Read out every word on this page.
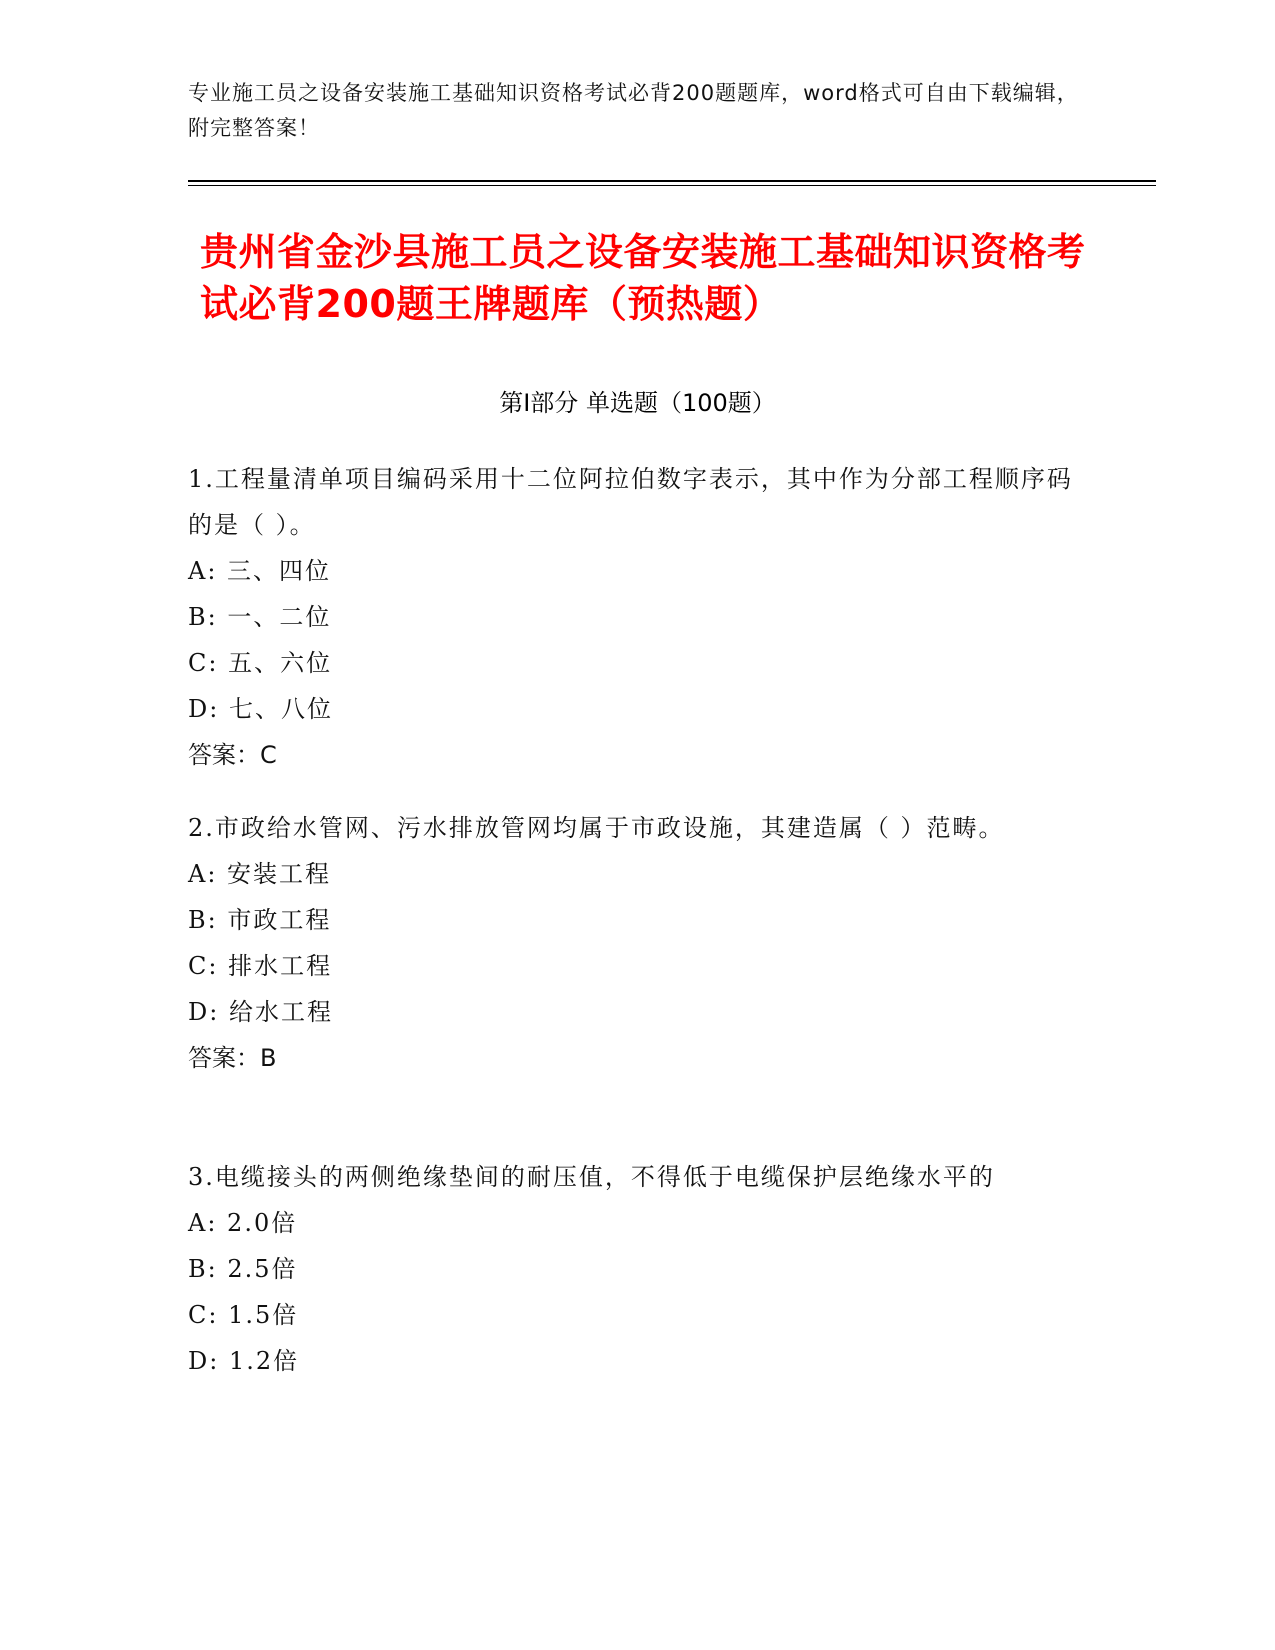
专业施工员之设备安装施工基础知识资格考试必背200题题库，word格式可自由下载编辑，附完整答案！
贵州省金沙县施工员之设备安装施工基础知识资格考试必背200题王牌题库（预热题）
第Ⅰ部分 单选题（100题）
1.工程量清单项目编码采用十二位阿拉伯数字表示，其中作为分部工程顺序码的是（ ）。
A: 三、四位
B: 一、二位
C: 五、六位
D: 七、八位
答案：C
2.市政给水管网、污水排放管网均属于市政设施，其建造属（ ）范畴。
A: 安装工程
B: 市政工程
C: 排水工程
D: 给水工程
答案：B
3.电缆接头的两侧绝缘垫间的耐压值，不得低于电缆保护层绝缘水平的
A: 2.0倍
B: 2.5倍
C: 1.5倍
D: 1.2倍
